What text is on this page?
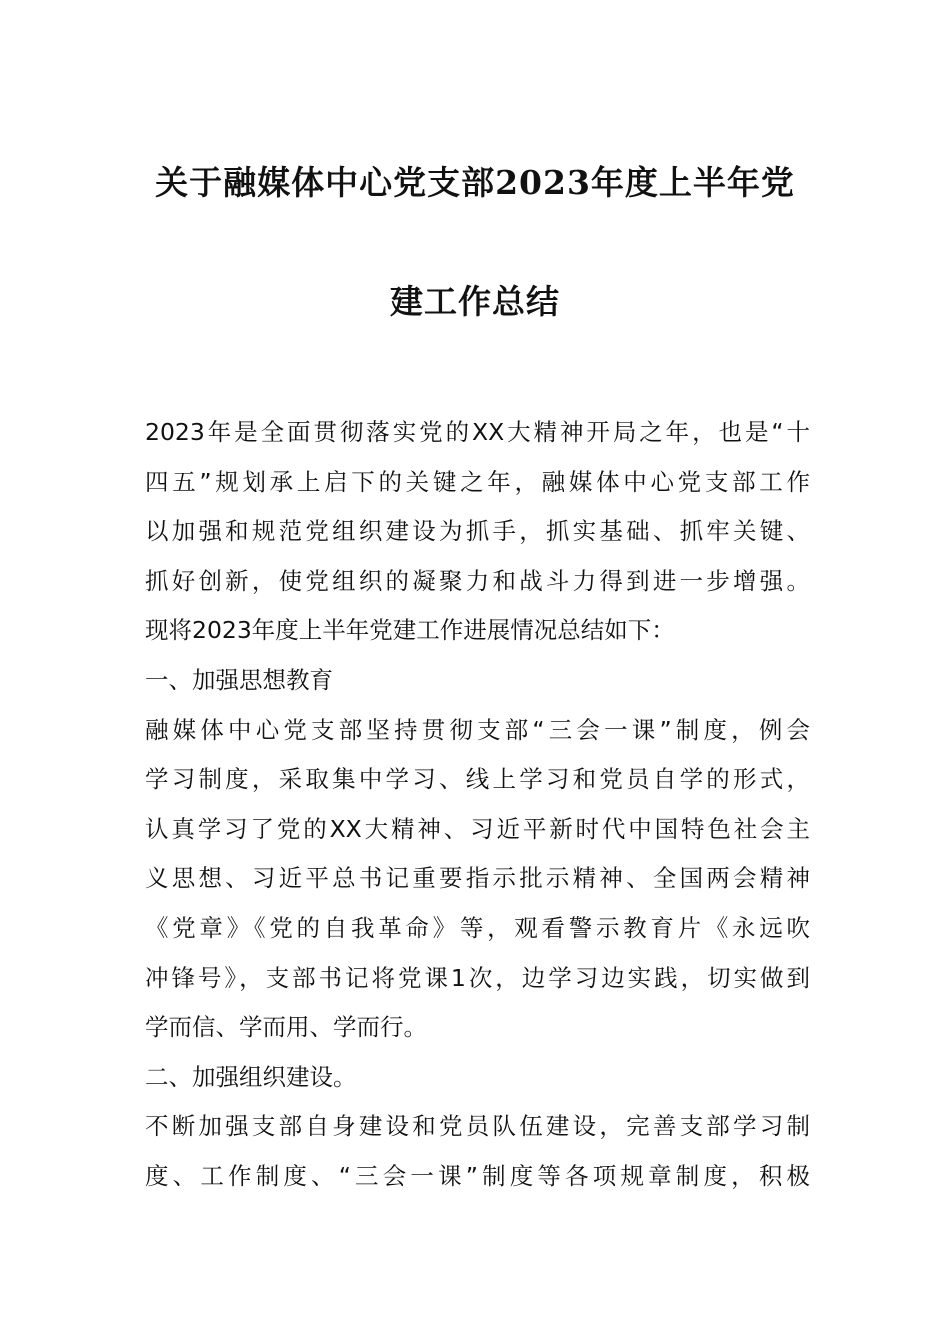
关于融媒体中心党支部2023年度上半年党
建工作总结
2023年是全面贯彻落实党的XX大精神开局之年，也是“十
四五”规划承上启下的关键之年，融媒体中心党支部工作
以加强和规范党组织建设为抓手，抓实基础、抓牢关键、
抓好创新，使党组织的凝聚力和战斗力得到进一步增强。
现将2023年度上半年党建工作进展情况总结如下：
一、加强思想教育
融媒体中心党支部坚持贯彻支部“三会一课”制度，例会
学习制度，采取集中学习、线上学习和党员自学的形式，
认真学习了党的XX大精神、习近平新时代中国特色社会主
义思想、习近平总书记重要指示批示精神、全国两会精神
《党章》《党的自我革命》等，观看警示教育片《永远吹
冲锋号》，支部书记将党课1次，边学习边实践，切实做到
学而信、学而用、学而行。
二、加强组织建设。
不断加强支部自身建设和党员队伍建设，完善支部学习制
度、工作制度、“三会一课”制度等各项规章制度，积极
